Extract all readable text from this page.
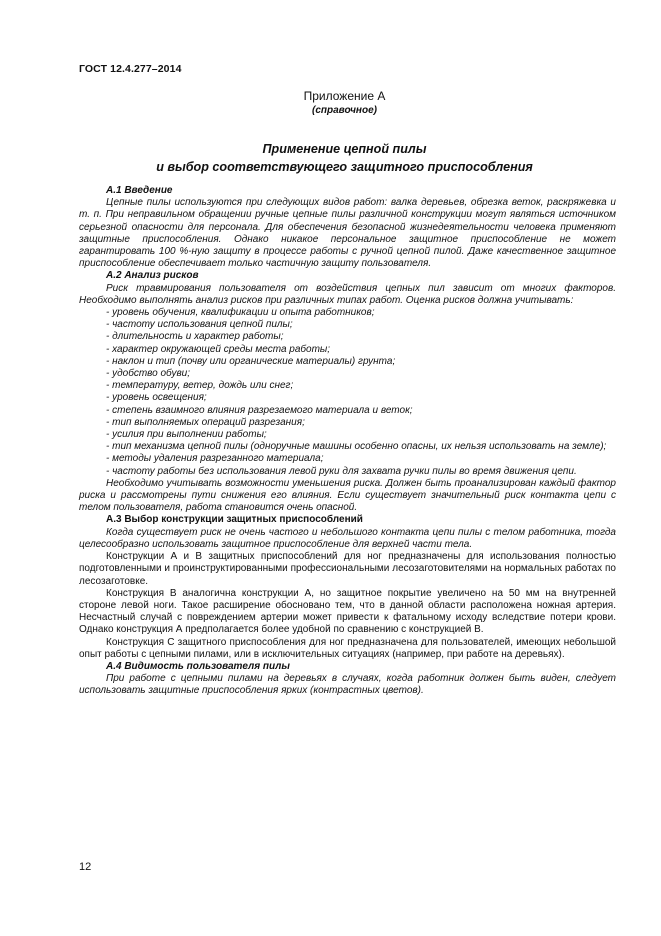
ГОСТ 12.4.277–2014
Приложение А
(справочное)
Применение цепной пилы
и выбор соответствующего защитного приспособления

А.1 Введение

Цепные пилы используются при следующих видов работ: валка деревьев, обрезка веток, раскряжевка и т. п. При неправильном обращении ручные цепные пилы различной конструкции могут являться источником серьезной опасности для персонала. Для обеспечения безопасной жизнедеятельности человека применяют защитные приспособления. Однако никакое персональное защитное приспособление не может гарантировать 100 %-ную защиту в процессе работы с ручной цепной пилой. Даже качественное защитное приспособление обеспечивает только частичную защиту пользователя.

А.2 Анализ рисков

Риск травмирования пользователя от воздействия цепных пил зависит от многих факторов. Необходимо выполнять анализ рисков при различных типах работ. Оценка рисков должна учитывать:

- уровень обучения, квалификации и опыта работников;

- частоту использования цепной пилы;

- длительность и характер работы;

- характер окружающей среды места работы;

- наклон и тип (почву или органические материалы) грунта;

- удобство обуви;

- температуру, ветер, дождь или снег;

- уровень освещения;

- степень взаимного влияния разрезаемого материала и веток;

- тип выполняемых операций разрезания;

- усилия при выполнении работы;

- тип механизма цепной пилы (одноручные машины особенно опасны, их нельзя использовать на земле);

- методы удаления разрезанного материала;

- частоту работы без использования левой руки для захвата ручки пилы во время движения цепи.

Необходимо учитывать возможности уменьшения риска. Должен быть проанализирован каждый фактор риска и рассмотрены пути снижения его влияния. Если существует значительный риск контакта цепи с телом пользователя, работа становится очень опасной.

А.3 Выбор конструкции защитных приспособлений

Когда существует риск не очень частого и небольшого контакта цепи пилы с телом работника, тогда целесообразно использовать защитное приспособление для верхней части тела.

Конструкции А и В защитных приспособлений для ног предназначены для использования полностью подготовленными и проинструктированными профессиональными лесозаготовителями на нормальных работах по лесозаготовке.

Конструкция В аналогична конструкции А, но защитное покрытие увеличено на 50 мм на внутренней стороне левой ноги. Такое расширение обосновано тем, что в данной области расположена ножная артерия. Несчастный случай с повреждением артерии может привести к фатальному исходу вследствие потери крови. Однако конструкция А предполагается более удобной по сравнению с конструкцией В.

Конструкция С защитного приспособления для ног предназначена для пользователей, имеющих небольшой опыт работы с цепными пилами, или в исключительных ситуациях (например, при работе на деревьях).

А.4 Видимость пользователя пилы

При работе с цепными пилами на деревьях в случаях, когда работник должен быть виден, следует использовать защитные приспособления ярких (контрастных цветов).

12
